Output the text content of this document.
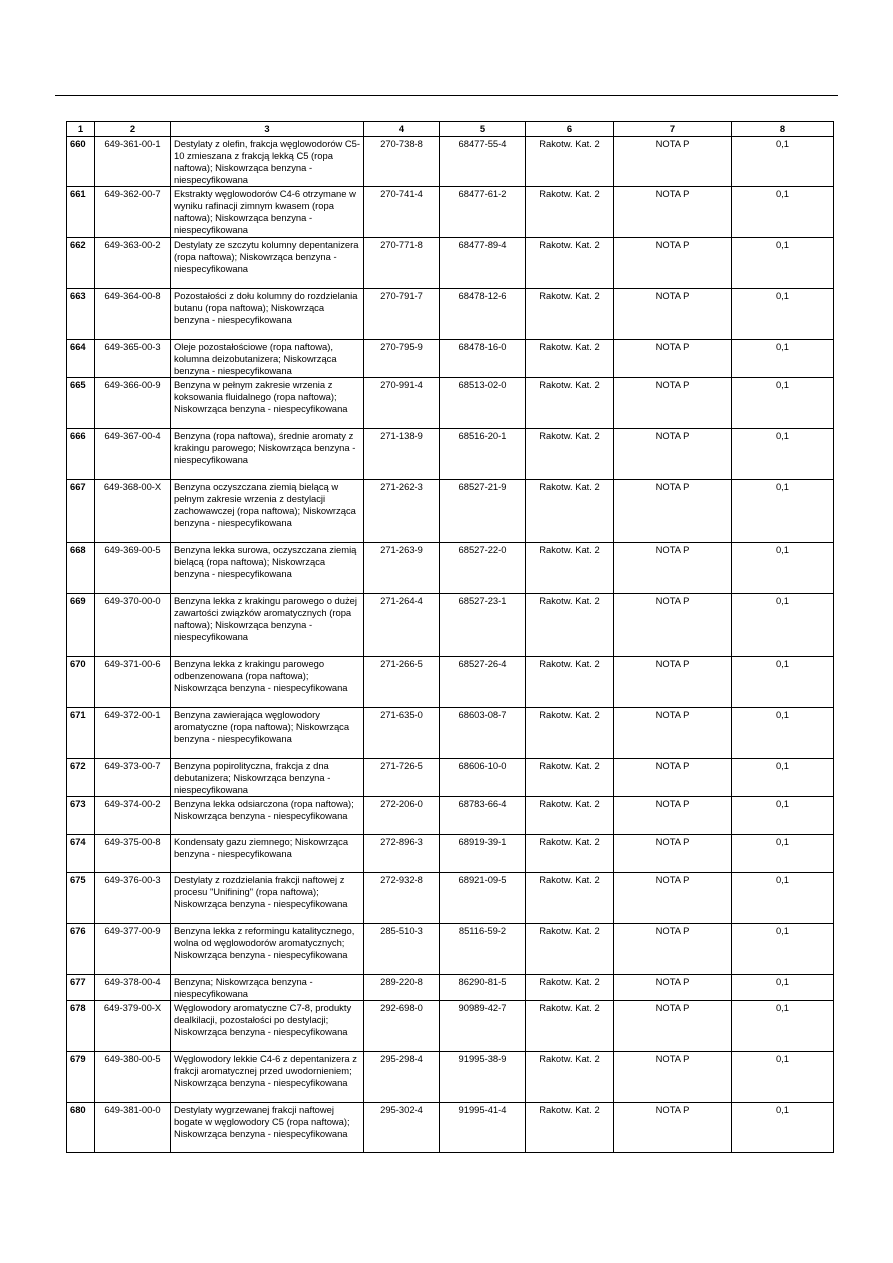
1	2	3	4	5	6	7	8
660	649-361-00-1	Destylaty z olefin, frakcja węglowodorów C5-10 zmieszana z frakcją lekką C5 (ropa naftowa); Niskowrząca benzyna - niespecyfikowana	270-738-8	68477-55-4	Rakotw. Kat. 2	NOTA P	0,1
661	649-362-00-7	Ekstrakty węglowodorów C4-6 otrzymane w wyniku rafinacji zimnym kwasem (ropa naftowa); Niskowrząca benzyna - niespecyfikowana	270-741-4	68477-61-2	Rakotw. Kat. 2	NOTA P	0,1
662	649-363-00-2	Destylaty ze szczytu kolumny depentanizera (ropa naftowa); Niskowrząca benzyna - niespecyfikowana	270-771-8	68477-89-4	Rakotw. Kat. 2	NOTA P	0,1
663	649-364-00-8	Pozostałości z dołu kolumny do rozdzielania butanu (ropa naftowa); Niskowrząca benzyna - niespecyfikowana	270-791-7	68478-12-6	Rakotw. Kat. 2	NOTA P	0,1
664	649-365-00-3	Oleje pozostałościowe (ropa naftowa), kolumna deizobutanizera; Niskowrząca benzyna - niespecyfikowana	270-795-9	68478-16-0	Rakotw. Kat. 2	NOTA P	0,1
665	649-366-00-9	Benzyna w pełnym zakresie wrzenia z koksowania fluidalnego (ropa naftowa); Niskowrząca benzyna - niespecyfikowana	270-991-4	68513-02-0	Rakotw. Kat. 2	NOTA P	0,1
666	649-367-00-4	Benzyna (ropa naftowa), średnie aromaty z krakingu parowego; Niskowrząca benzyna - niespecyfikowana	271-138-9	68516-20-1	Rakotw. Kat. 2	NOTA P	0,1
667	649-368-00-X	Benzyna oczyszczana ziemią bielącą w pełnym zakresie wrzenia z destylacji zachowawczej (ropa naftowa); Niskowrząca benzyna - niespecyfikowana	271-262-3	68527-21-9	Rakotw. Kat. 2	NOTA P	0,1
668	649-369-00-5	Benzyna lekka surowa, oczyszczana ziemią bielącą (ropa naftowa); Niskowrząca benzyna - niespecyfikowana	271-263-9	68527-22-0	Rakotw. Kat. 2	NOTA P	0,1
669	649-370-00-0	Benzyna lekka z krakingu parowego o dużej zawartości związków aromatycznych (ropa naftowa); Niskowrząca benzyna - niespecyfikowana	271-264-4	68527-23-1	Rakotw. Kat. 2	NOTA P	0,1
670	649-371-00-6	Benzyna lekka z krakingu parowego odbenzenowana (ropa naftowa); Niskowrząca benzyna - niespecyfikowana	271-266-5	68527-26-4	Rakotw. Kat. 2	NOTA P	0,1
671	649-372-00-1	Benzyna zawierająca węglowodory aromatyczne (ropa naftowa); Niskowrząca benzyna - niespecyfikowana	271-635-0	68603-08-7	Rakotw. Kat. 2	NOTA P	0,1
672	649-373-00-7	Benzyna popirolityczna, frakcja z dna debutanizera; Niskowrząca benzyna - niespecyfikowana	271-726-5	68606-10-0	Rakotw. Kat. 2	NOTA P	0,1
673	649-374-00-2	Benzyna lekka odsiarczona (ropa naftowa); Niskowrząca benzyna - niespecyfikowana	272-206-0	68783-66-4	Rakotw. Kat. 2	NOTA P	0,1
674	649-375-00-8	Kondensaty gazu ziemnego; Niskowrząca benzyna - niespecyfikowana	272-896-3	68919-39-1	Rakotw. Kat. 2	NOTA P	0,1
675	649-376-00-3	Destylaty z rozdzielania frakcji naftowej z procesu "Unifining" (ropa naftowa); Niskowrząca benzyna - niespecyfikowana	272-932-8	68921-09-5	Rakotw. Kat. 2	NOTA P	0,1
676	649-377-00-9	Benzyna lekka z reformingu katalitycznego, wolna od węglowodorów aromatycznych; Niskowrząca benzyna - niespecyfikowana	285-510-3	85116-59-2	Rakotw. Kat. 2	NOTA P	0,1
677	649-378-00-4	Benzyna; Niskowrząca benzyna - niespecyfikowana	289-220-8	86290-81-5	Rakotw. Kat. 2	NOTA P	0,1
678	649-379-00-X	Węglowodory aromatyczne C7-8, produkty dealkilacji, pozostałości po destylacji; Niskowrząca benzyna - niespecyfikowana	292-698-0	90989-42-7	Rakotw. Kat. 2	NOTA P	0,1
679	649-380-00-5	Węglowodory lekkie C4-6 z depentanizera z frakcji aromatycznej przed uwodornieniem; Niskowrząca benzyna - niespecyfikowana	295-298-4	91995-38-9	Rakotw. Kat. 2	NOTA P	0,1
680	649-381-00-0	Destylaty wygrzewanej frakcji naftowej bogate w węglowodory C5 (ropa naftowa); Niskowrząca benzyna - niespecyfikowana	295-302-4	91995-41-4	Rakotw. Kat. 2	NOTA P	0,1
